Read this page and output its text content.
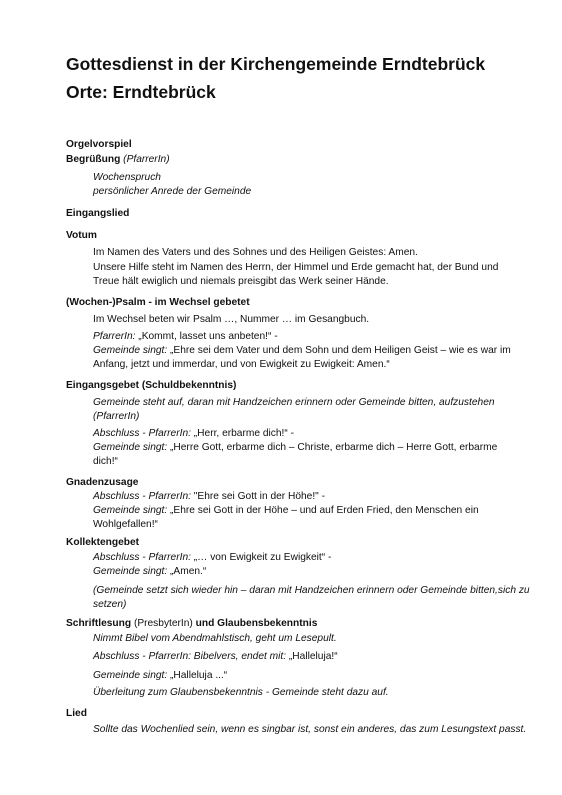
Gottesdienst in der Kirchengemeinde Erndtebrück
Orte: Erndtebrück
Orgelvorspiel
Begrüßung (PfarrerIn)
Wochenspruch
persönlicher Anrede der Gemeinde
Eingangslied
Votum
Im Namen des Vaters und des Sohnes und des Heiligen Geistes: Amen.
Unsere Hilfe steht im Namen des Herrn, der Himmel und Erde gemacht hat, der Bund und
Treue hält ewiglich und niemals preisgibt das Werk seiner Hände.
(Wochen-)Psalm - im Wechsel gebetet
Im Wechsel beten wir Psalm …, Nummer … im Gesangbuch.
PfarrerIn: „Kommt, lasset uns anbeten!“ -
Gemeinde singt: „Ehre sei dem Vater und dem Sohn und dem Heiligen Geist – wie es war im
Anfang, jetzt und immerdar, und von Ewigkeit zu Ewigkeit: Amen.“
Eingangsgebet (Schuldbekenntnis)
Gemeinde steht auf, daran mit Handzeichen erinnern oder Gemeinde bitten, aufzustehen
(PfarrerIn)
Abschluss - PfarrerIn: „Herr, erbarme dich!“ -
Gemeinde singt: „Herre Gott, erbarme dich – Christe, erbarme dich – Herre Gott, erbarme
dich!“
Gnadenzusage
Abschluss - PfarrerIn: "Ehre sei Gott in der Höhe!" -
Gemeinde singt: „Ehre sei Gott in der Höhe – und auf Erden Fried, den Menschen ein
Wohlgefallen!“
Kollektengebet
Abschluss - PfarrerIn: „… von Ewigkeit zu Ewigkeit“ -
Gemeinde singt: „Amen.“
(Gemeinde setzt sich wieder hin – daran mit Handzeichen erinnern oder Gemeinde bitten,sich zu
setzen)
Schriftlesung (PresbyterIn) und Glaubensbekenntnis
Nimmt Bibel vom Abendmahlstisch, geht um Lesepult.
Abschluss - PfarrerIn: Bibelvers, endet mit: „Halleluja!“
Gemeinde singt: „Halleluja ...“
Überleitung zum Glaubensbekenntnis - Gemeinde steht dazu auf.
Lied
Sollte das Wochenlied sein, wenn es singbar ist, sonst ein anderes, das zum Lesungstext passt.
